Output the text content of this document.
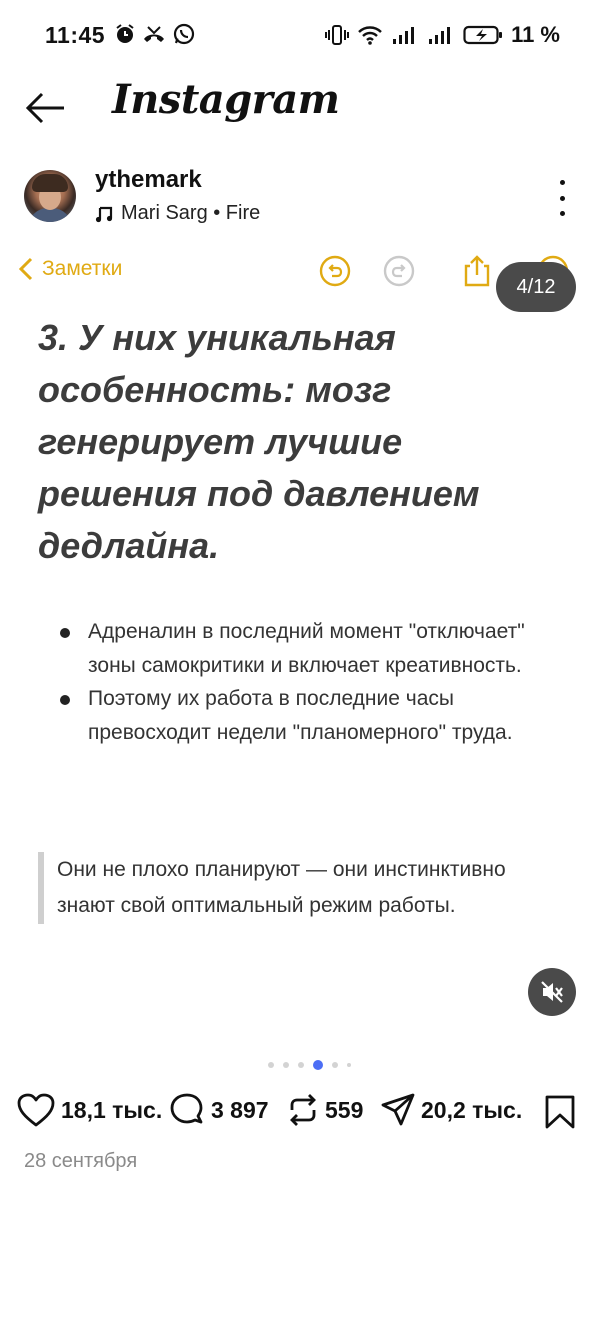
11:45	11 %
Instagram
ythemark
Mari Sarg • Fire
Заметки
4/12
3. У них уникальная особенность: мозг генерирует лучшие решения под давлением дедлайна.
Адреналин в последний момент "отключает" зоны самокритики и включает креативность.
Поэтому их работа в последние часы превосходит недели "планомерного" труда.
Они не плохо планируют — они инстинктивно знают свой оптимальный режим работы.
18,1 тыс. 3 897 559	20,2 тыс.
28 сентября
